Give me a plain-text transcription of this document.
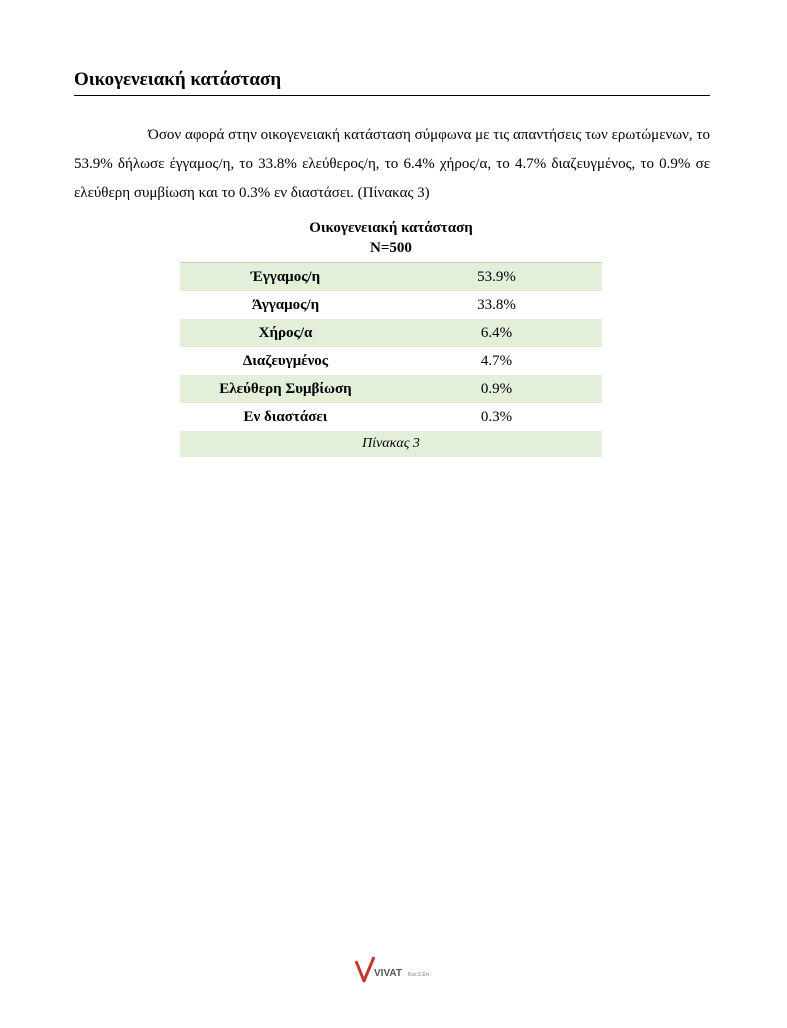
Οικογενειακή κατάσταση

Όσον αφορά στην οικογενειακή κατάσταση σύμφωνα με τις απαντήσεις των ερωτώμενων, το 53.9% δήλωσε έγγαμος/η, το 33.8% ελεύθερος/η, το 6.4% χήρος/α, το 4.7% διαζευγμένος, το 0.9% σε ελεύθερη συμβίωση και το 0.3% εν διαστάσει. (Πίνακας 3)

Οικογενειακή κατάσταση
N=500
Έγγαμος/η	53.9%
Άγγαμος/η	33.8%
Χήρος/α	6.4%
Διαζευγμένος	4.7%
Ελεύθερη Συμβίωση	0.9%
Εν διαστάσει	0.3%
Πίνακας 3	
VIVAT Κον.Σ.Επ.
